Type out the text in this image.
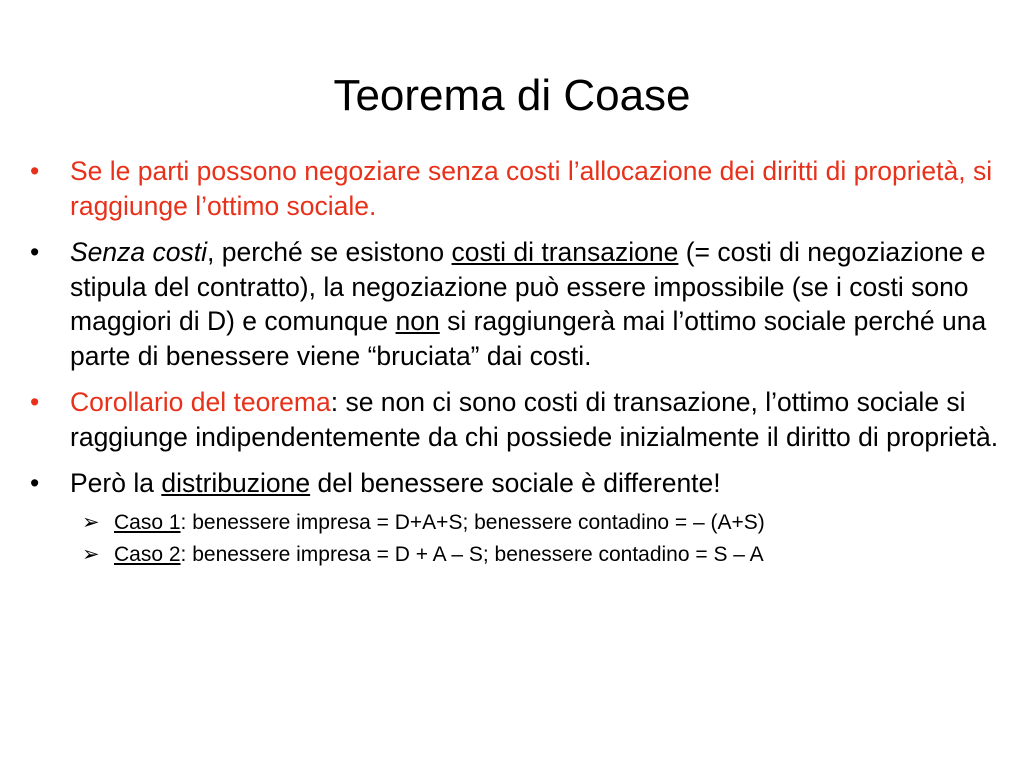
Teorema di Coase
• Se le parti possono negoziare senza costi l’allocazione dei diritti di proprietà, si raggiunge l’ottimo sociale.
• Senza costi, perché se esistono costi di transazione (= costi di negoziazione e stipula del contratto), la negoziazione può essere impossibile (se i costi sono maggiori di D) e comunque non si raggiungerà mai l’ottimo sociale perché una parte di benessere viene “bruciata” dai costi.
• Corollario del teorema: se non ci sono costi di transazione, l’ottimo sociale si raggiunge indipendentemente da chi possiede inizialmente il diritto di proprietà.
• Però la distribuzione del benessere sociale è differente!
➢ Caso 1: benessere impresa = D+A+S; benessere contadino = – (A+S)
➢ Caso 2: benessere impresa = D + A – S; benessere contadino = S – A
